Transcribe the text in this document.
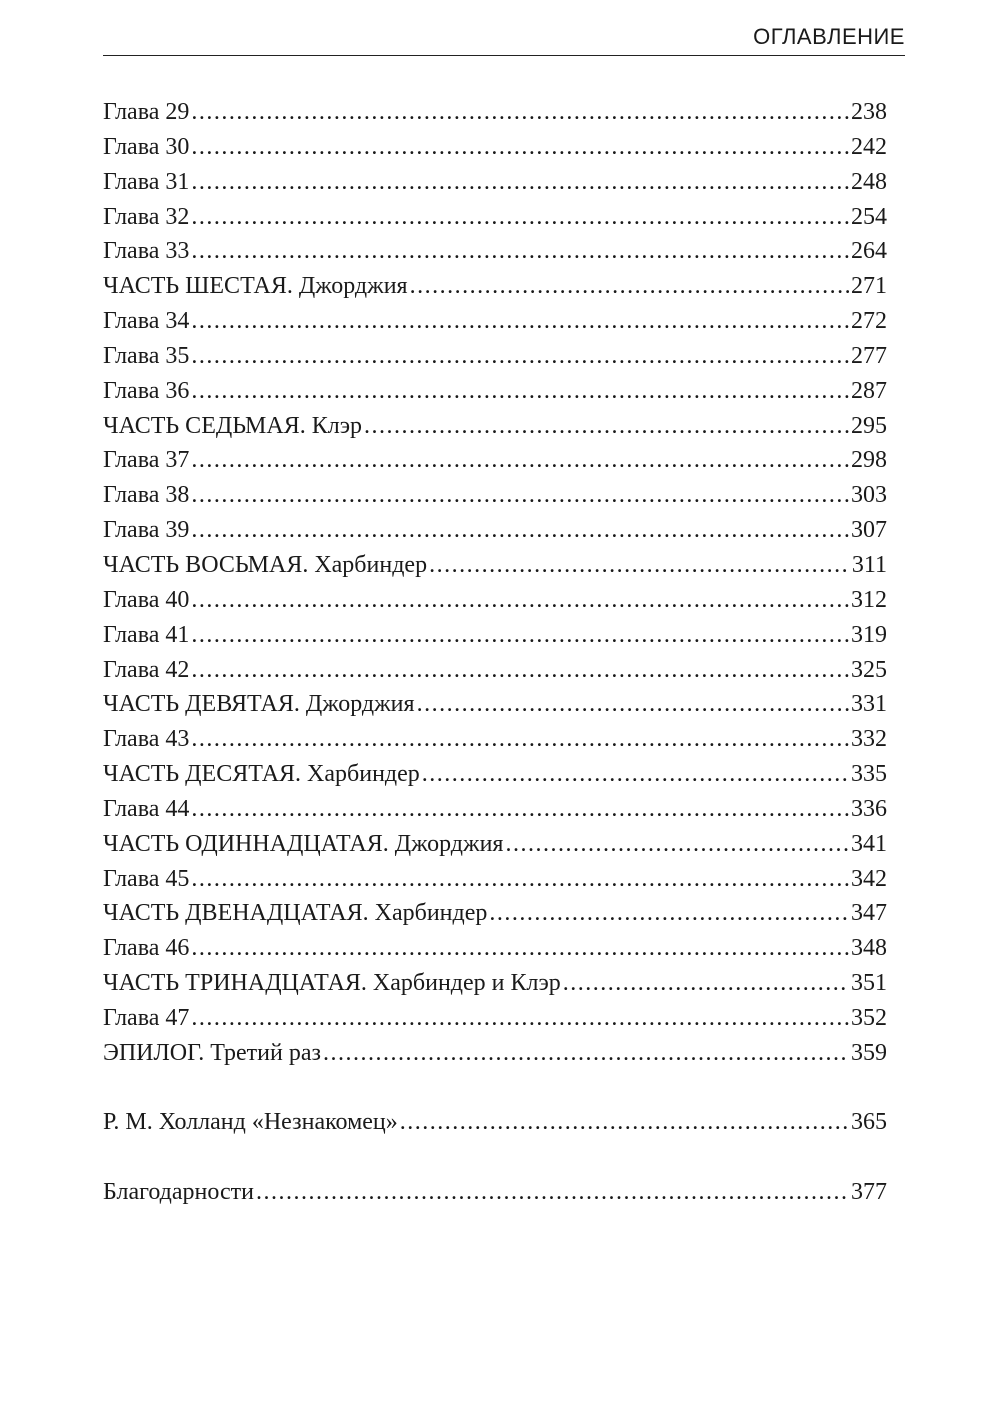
ОГЛАВЛЕНИЕ
Глава 29 .....	238
Глава 30 .....	242
Глава 31 .....	248
Глава 32 .....	254
Глава 33 .....	264
ЧАСТЬ ШЕСТАЯ. Джорджия .....	271
Глава 34 .....	272
Глава 35 .....	277
Глава 36 .....	287
ЧАСТЬ СЕДЬМАЯ. Клэр .....	295
Глава 37 .....	298
Глава 38 .....	303
Глава 39 .....	307
ЧАСТЬ ВОСЬМАЯ. Харбиндер .....	311
Глава 40 .....	312
Глава 41 .....	319
Глава 42 .....	325
ЧАСТЬ ДЕВЯТАЯ. Джорджия .....	331
Глава 43 .....	332
ЧАСТЬ ДЕСЯТАЯ. Харбиндер .....	335
Глава 44 .....	336
ЧАСТЬ ОДИННАДЦАТАЯ. Джорджия .....	341
Глава 45 .....	342
ЧАСТЬ ДВЕНАДЦАТАЯ. Харбиндер .....	347
Глава 46 .....	348
ЧАСТЬ ТРИНАДЦАТАЯ. Харбиндер и Клэр .....	351
Глава 47 .....	352
ЭПИЛОГ. Третий раз .....	359
Р. М. Холланд «Незнакомец» .....	365
Благодарности .....	377
